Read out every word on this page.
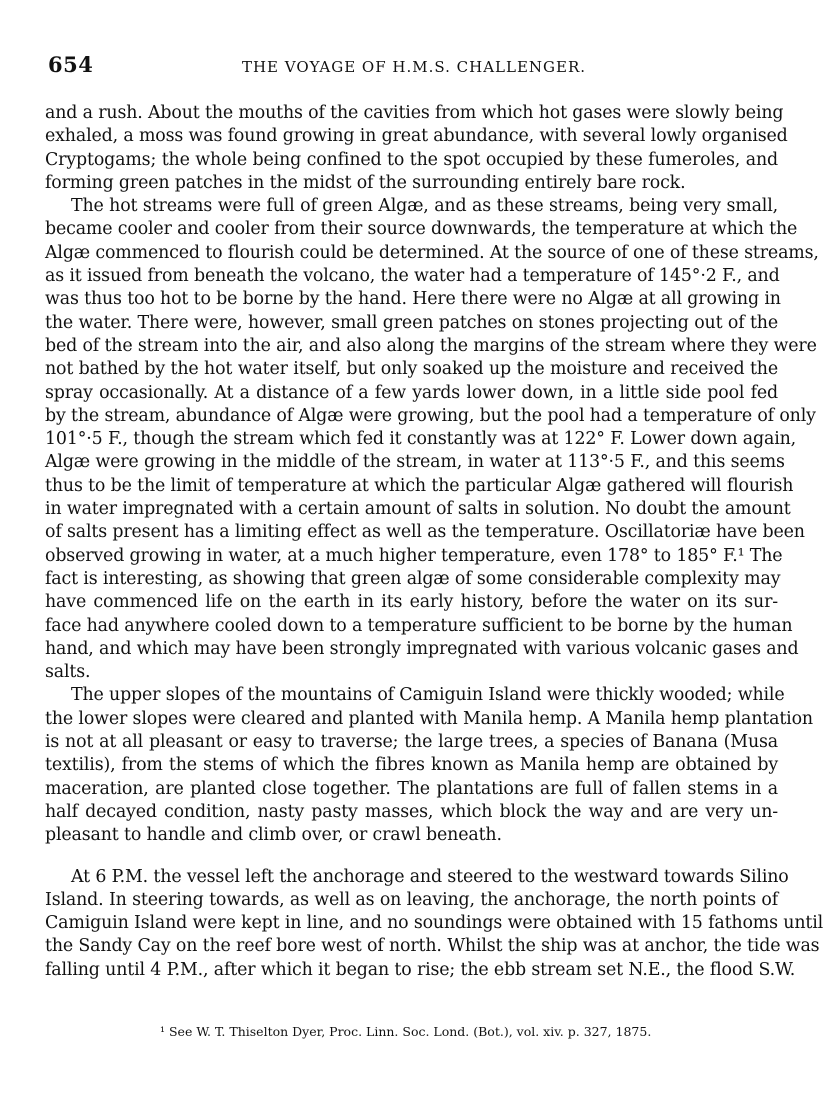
654	THE VOYAGE OF H.M.S. CHALLENGER.
and a rush. About the mouths of the cavities from which hot gases were slowly being
exhaled, a moss was found growing in great abundance, with several lowly organised
Cryptogams; the whole being confined to the spot occupied by these fumeroles, and
forming green patches in the midst of the surrounding entirely bare rock.
The hot streams were full of green Algæ, and as these streams, being very small,
became cooler and cooler from their source downwards, the temperature at which the
Algæ commenced to flourish could be determined. At the source of one of these streams,
as it issued from beneath the volcano, the water had a temperature of 145°·2 F., and
was thus too hot to be borne by the hand. Here there were no Algæ at all growing in
the water. There were, however, small green patches on stones projecting out of the
bed of the stream into the air, and also along the margins of the stream where they were
not bathed by the hot water itself, but only soaked up the moisture and received the
spray occasionally. At a distance of a few yards lower down, in a little side pool fed
by the stream, abundance of Algæ were growing, but the pool had a temperature of only
101°·5 F., though the stream which fed it constantly was at 122° F. Lower down again,
Algæ were growing in the middle of the stream, in water at 113°·5 F., and this seems
thus to be the limit of temperature at which the particular Algæ gathered will flourish
in water impregnated with a certain amount of salts in solution. No doubt the amount
of salts present has a limiting effect as well as the temperature. Oscillatoriæ have been
observed growing in water, at a much higher temperature, even 178° to 185° F.¹ The
fact is interesting, as showing that green algæ of some considerable complexity may
have commenced life on the earth in its early history, before the water on its sur-
face had anywhere cooled down to a temperature sufficient to be borne by the human
hand, and which may have been strongly impregnated with various volcanic gases and
salts.
The upper slopes of the mountains of Camiguin Island were thickly wooded; while
the lower slopes were cleared and planted with Manila hemp. A Manila hemp plantation
is not at all pleasant or easy to traverse; the large trees, a species of Banana (Musa
textilis), from the stems of which the fibres known as Manila hemp are obtained by
maceration, are planted close together. The plantations are full of fallen stems in a
half decayed condition, nasty pasty masses, which block the way and are very un-
pleasant to handle and climb over, or crawl beneath.
At 6 P.M. the vessel left the anchorage and steered to the westward towards Silino
Island. In steering towards, as well as on leaving, the anchorage, the north points of
Camiguin Island were kept in line, and no soundings were obtained with 15 fathoms until
the Sandy Cay on the reef bore west of north. Whilst the ship was at anchor, the tide was
falling until 4 P.M., after which it began to rise; the ebb stream set N.E., the flood S.W.
¹ See W. T. Thiselton Dyer, Proc. Linn. Soc. Lond. (Bot.), vol. xiv. p. 327, 1875.
